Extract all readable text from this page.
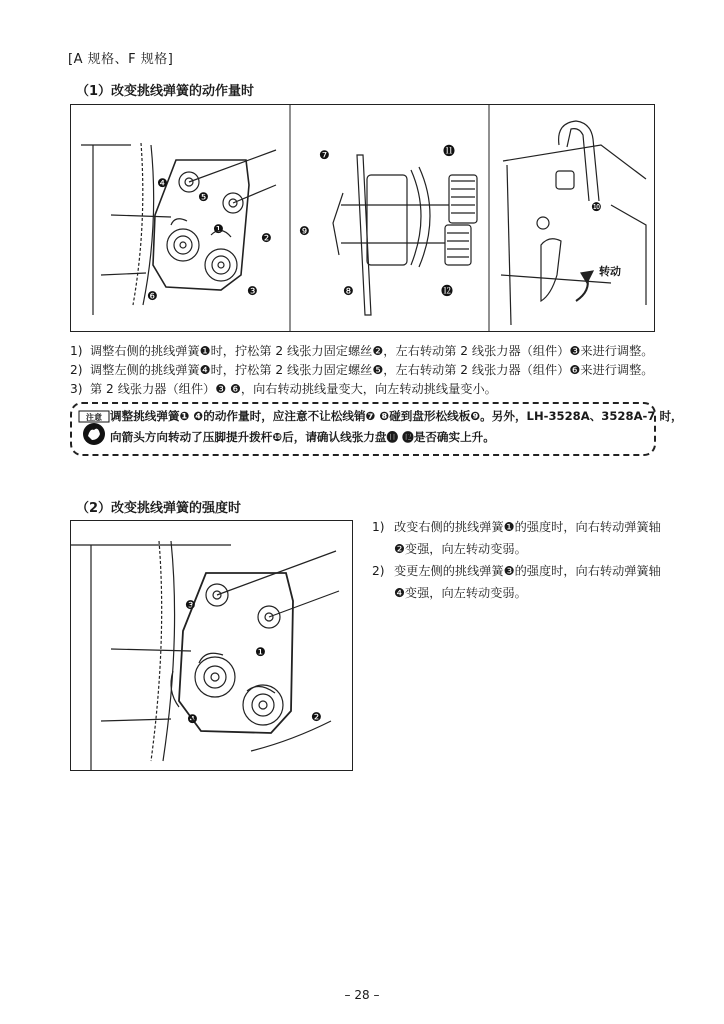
[A 规格、F 规格]
（1）改变挑线弹簧的动作量时
❹
❺
❶
❷
❸
❻
❼	⓫
❾
❽	⓬
❿
转动
1) 调整右侧的挑线弹簧❶时，拧松第 2 线张力固定螺丝❷，左右转动第 2 线张力器（组件）❸来进行调整。
2) 调整左侧的挑线弹簧❹时，拧松第 2 线张力固定螺丝❺，左右转动第 2 线张力器（组件）❻来进行调整。
3) 第 2 线张力器（组件）❸ ❻，向右转动挑线量变大，向左转动挑线量变小。
注意 调整挑线弹簧❶ ❹的动作量时，应注意不让松线销❼ ❽碰到盘形松线板❾。另外，LH-3528A、3528A-7 时，
向箭头方向转动了压脚提升拨杆❿后，请确认线张力盘⓫ ⓬是否确实上升。
（2）改变挑线弹簧的强度时
❸
❶
❹	❷
1) 改变右侧的挑线弹簧❶的强度时，向右转动弹簧轴❷变强，向左转动变弱。
2) 变更左侧的挑线弹簧❸的强度时，向右转动弹簧轴❹变强，向左转动变弱。
– 28 –
